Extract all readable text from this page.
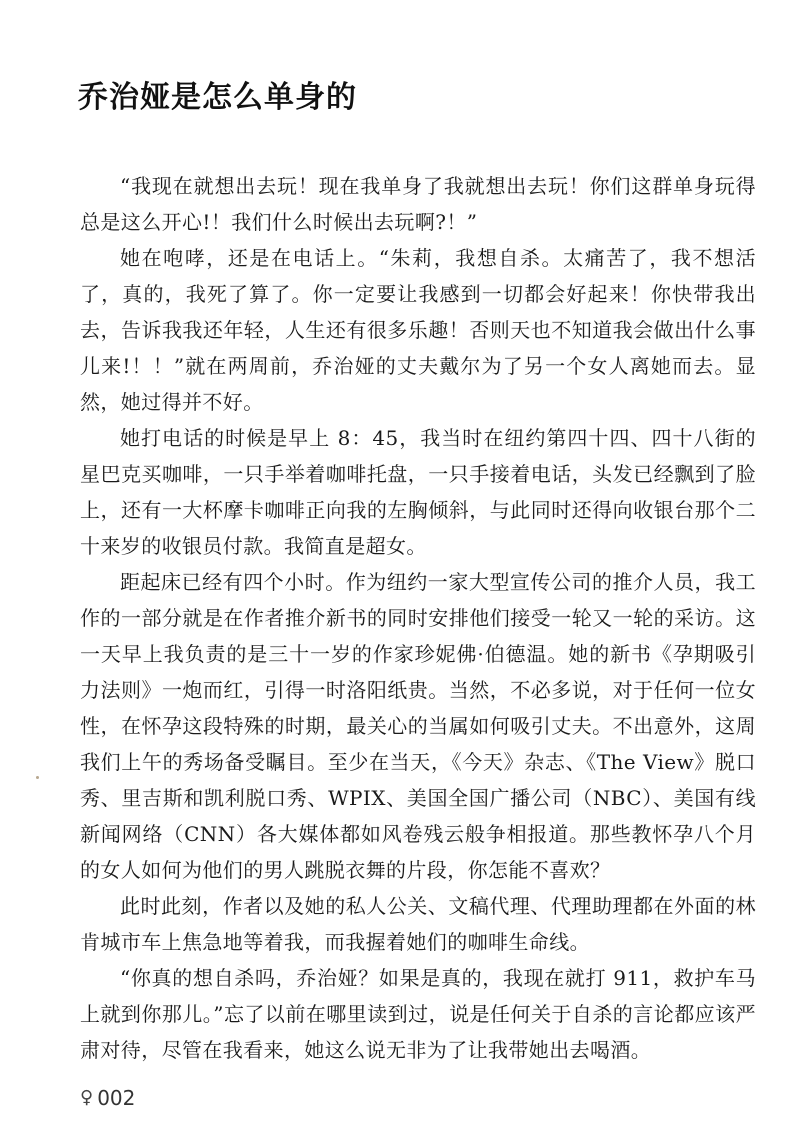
乔治娅是怎么单身的

“我现在就想出去玩！现在我单身了我就想出去玩！你们这群单身玩得总是这么开心!！我们什么时候出去玩啊?！”

她在咆哮，还是在电话上。“朱莉，我想自杀。太痛苦了，我不想活了，真的，我死了算了。你一定要让我感到一切都会好起来！你快带我出去，告诉我我还年轻，人生还有很多乐趣！否则天也不知道我会做出什么事儿来!！！”就在两周前，乔治娅的丈夫戴尔为了另一个女人离她而去。显然，她过得并不好。

她打电话的时候是早上 8：45，我当时在纽约第四十四、四十八街的星巴克买咖啡，一只手举着咖啡托盘，一只手接着电话，头发已经飘到了脸上，还有一大杯摩卡咖啡正向我的左胸倾斜，与此同时还得向收银台那个二十来岁的收银员付款。我简直是超女。

距起床已经有四个小时。作为纽约一家大型宣传公司的推介人员，我工作的一部分就是在作者推介新书的同时安排他们接受一轮又一轮的采访。这一天早上我负责的是三十一岁的作家珍妮佛·伯德温。她的新书《孕期吸引力法则》一炮而红，引得一时洛阳纸贵。当然，不必多说，对于任何一位女性，在怀孕这段特殊的时期，最关心的当属如何吸引丈夫。不出意外，这周我们上午的秀场备受瞩目。至少在当天，《今天》杂志、《The View》脱口秀、里吉斯和凯利脱口秀、WPIX、美国全国广播公司（NBC）、美国有线新闻网络（CNN）各大媒体都如风卷残云般争相报道。那些教怀孕八个月的女人如何为他们的男人跳脱衣舞的片段，你怎能不喜欢？

此时此刻，作者以及她的私人公关、文稿代理、代理助理都在外面的林肯城市车上焦急地等着我，而我握着她们的咖啡生命线。

“你真的想自杀吗，乔治娅？如果是真的，我现在就打 911，救护车马上就到你那儿。”忘了以前在哪里读到过，说是任何关于自杀的言论都应该严肃对待，尽管在我看来，她这么说无非为了让我带她出去喝酒。

♀ 002
